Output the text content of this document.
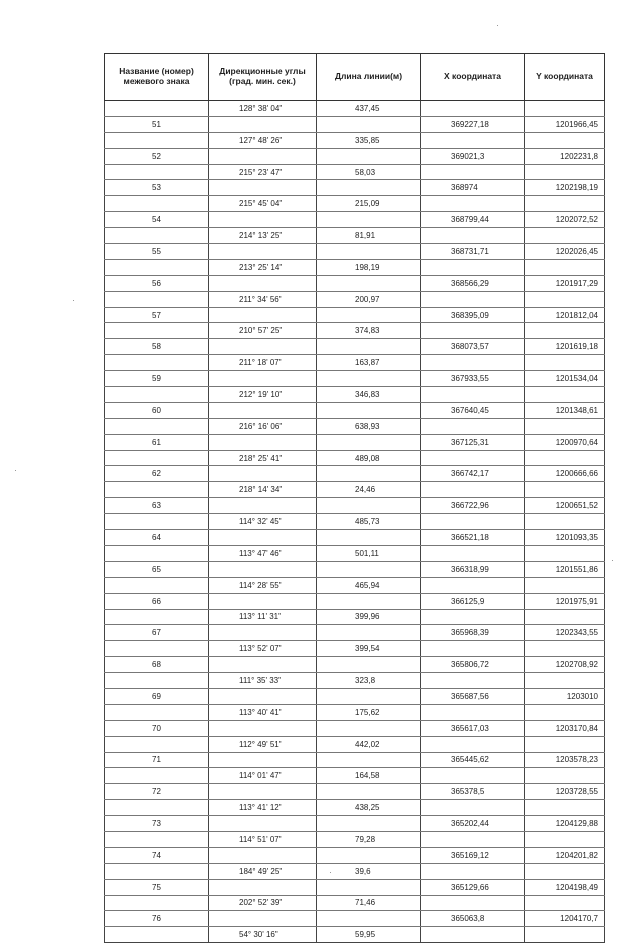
Название (номер) межевого знака	Дирекционные углы (град. мин. сек.)	Длина линии(м)	X координата	Y координата
	128° 38' 04"	437,45		
51			369227,18	1201966,45
	127° 48' 26"	335,85		
52			369021,3	1202231,8
	215° 23' 47"	58,03		
53			368974	1202198,19
	215° 45' 04"	215,09		
54			368799,44	1202072,52
	214° 13' 25"	81,91		
55			368731,71	1202026,45
	213° 25' 14"	198,19		
56			368566,29	1201917,29
	211° 34' 56"	200,97		
57			368395,09	1201812,04
	210° 57' 25"	374,83		
58			368073,57	1201619,18
	211° 18' 07"	163,87		
59			367933,55	1201534,04
	212° 19' 10"	346,83		
60			367640,45	1201348,61
	216° 16' 06"	638,93		
61			367125,31	1200970,64
	218° 25' 41"	489,08		
62			366742,17	1200666,66
	218° 14' 34"	24,46		
63			366722,96	1200651,52
	114° 32' 45"	485,73		
64			366521,18	1201093,35
	113° 47' 46"	501,11		
65			366318,99	1201551,86
	114° 28' 55"	465,94		
66			366125,9	1201975,91
	113° 11' 31"	399,96		
67			365968,39	1202343,55
	113° 52' 07"	399,54		
68			365806,72	1202708,92
	111° 35' 33"	323,8		
69			365687,56	1203010
	113° 40' 41"	175,62		
70			365617,03	1203170,84
	112° 49' 51"	442,02		
71			365445,62	1203578,23
	114° 01' 47"	164,58		
72			365378,5	1203728,55
	113° 41' 12"	438,25		
73			365202,44	1204129,88
	114° 51' 07"	79,28		
74			365169,12	1204201,82
	184° 49' 25"	39,6		
75			365129,66	1204198,49
	202° 52' 39"	71,46		
76			365063,8	1204170,7
	54° 30' 16"	59,95		
